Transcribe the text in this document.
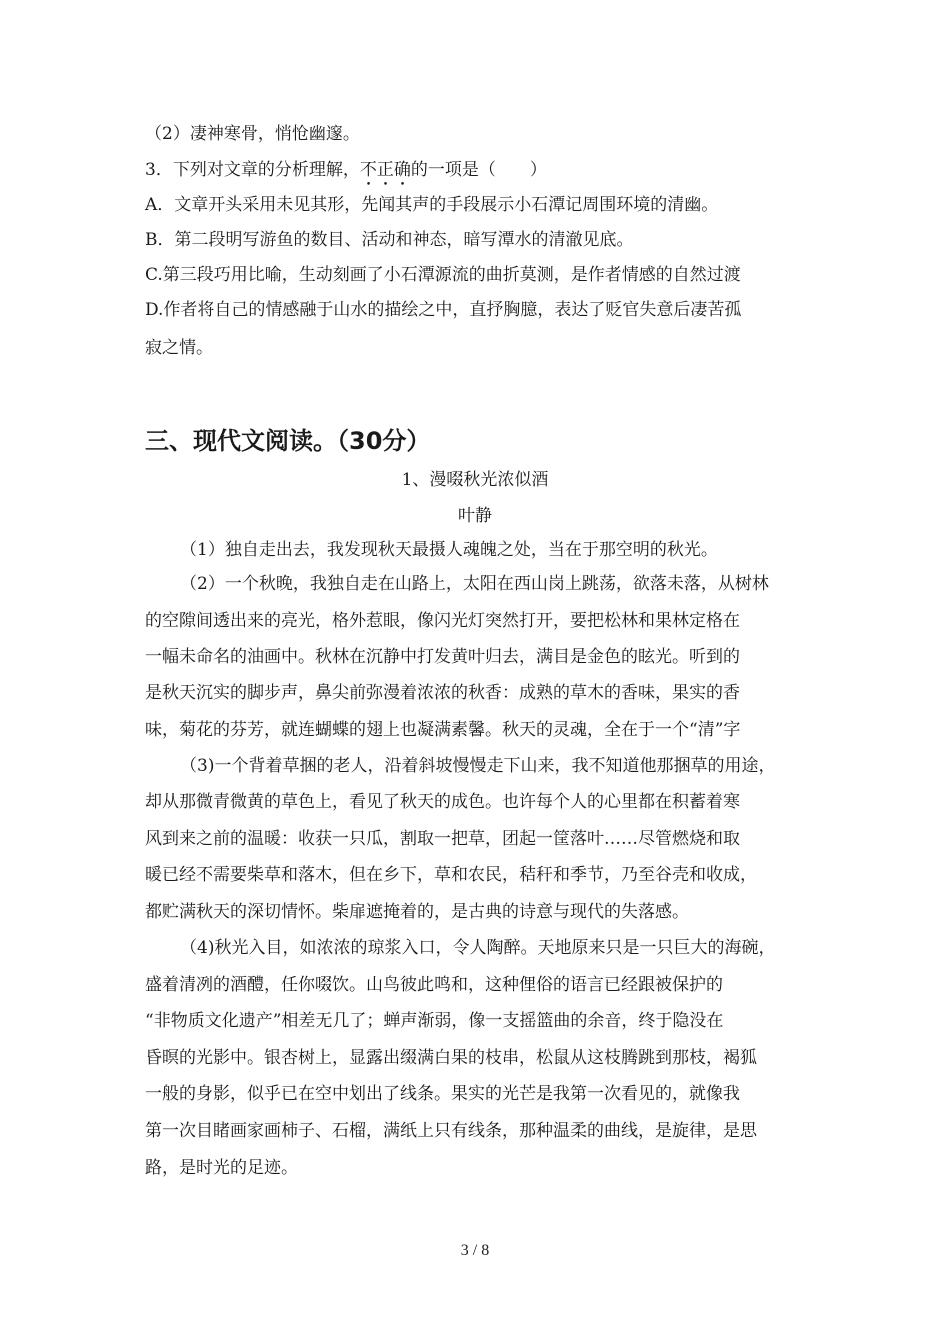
（2）凄神寒骨，悄怆幽邃。
3．下列对文章的分析理解，不正确的一项是（　　）
A．文章开头采用未见其形，先闻其声的手段展示小石潭记周围环境的清幽。
B．第二段明写游鱼的数目、活动和神态，暗写潭水的清澈见底。
C.第三段巧用比喻，生动刻画了小石潭源流的曲折莫测，是作者情感的自然过渡
D.作者将自己的情感融于山水的描绘之中，直抒胸臆，表达了贬官失意后凄苦孤
寂之情。
三、现代文阅读。（30分）
1、漫啜秋光浓似酒
叶静
（1）独自走出去，我发现秋天最摄人魂魄之处，当在于那空明的秋光。
（2）一个秋晚，我独自走在山路上，太阳在西山岗上跳荡，欲落未落，从树林
的空隙间透出来的亮光，格外惹眼，像闪光灯突然打开，要把松林和果林定格在
一幅未命名的油画中。秋林在沉静中打发黄叶归去，满目是金色的眩光。听到的
是秋天沉实的脚步声，鼻尖前弥漫着浓浓的秋香：成熟的草木的香味，果实的香
味，菊花的芬芳，就连蝴蝶的翅上也凝满素馨。秋天的灵魂，全在于一个“清”字
（3)一个背着草捆的老人，沿着斜坡慢慢走下山来，我不知道他那捆草的用途，
却从那微青微黄的草色上，看见了秋天的成色。也许每个人的心里都在积蓄着寒
风到来之前的温暖：收获一只瓜，割取一把草，团起一筐落叶……尽管燃烧和取
暖已经不需要柴草和落木，但在乡下，草和农民，秸秆和季节，乃至谷壳和收成，
都贮满秋天的深切情怀。柴扉遮掩着的，是古典的诗意与现代的失落感。
（4)秋光入目，如浓浓的琼浆入口，令人陶醉。天地原来只是一只巨大的海碗，
盛着清冽的酒醴，任你啜饮。山鸟彼此鸣和，这种俚俗的语言已经跟被保护的
“非物质文化遗产”相差无几了；蝉声渐弱，像一支摇篮曲的余音，终于隐没在
昏暝的光影中。银杏树上，显露出缀满白果的枝串，松鼠从这枝腾跳到那枝，褐狐
一般的身影，似乎已在空中划出了线条。果实的光芒是我第一次看见的，就像我
第一次目睹画家画柿子、石榴，满纸上只有线条，那种温柔的曲线，是旋律，是思
路，是时光的足迹。
3 / 8
